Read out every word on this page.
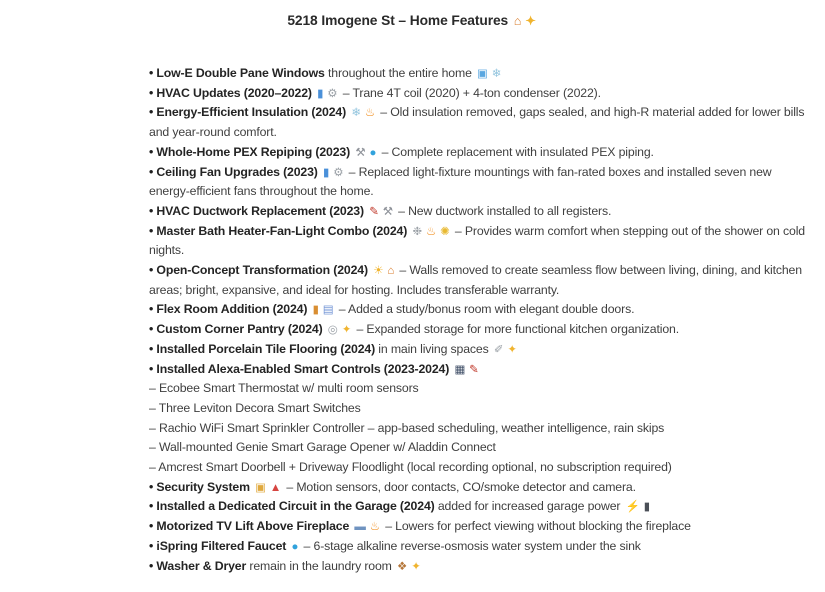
5218 Imogene St – Home Features ⌂ ✦

• Low-E Double Pane Windows throughout the entire home ▣ ❄

• HVAC Updates (2020–2022) ▮ ⚙ – Trane 4T coil (2020) + 4-ton condenser (2022).

• Energy-Efficient Insulation (2024) ❄ ♨ – Old insulation removed, gaps sealed, and high-R material added for lower bills and year-round comfort.

• Whole-Home PEX Repiping (2023) ⚒ ● – Complete replacement with insulated PEX piping.

• Ceiling Fan Upgrades (2023) ▮ ⚙ – Replaced light-fixture mountings with fan-rated boxes and installed seven new energy-efficient fans throughout the home.

• HVAC Ductwork Replacement (2023) ✎ ⚒ – New ductwork installed to all registers.

• Master Bath Heater-Fan-Light Combo (2024) ❉ ♨ ✺ – Provides warm comfort when stepping out of the shower on cold nights.

• Open-Concept Transformation (2024) ☀ ⌂ – Walls removed to create seamless flow between living, dining, and kitchen areas; bright, expansive, and ideal for hosting. Includes transferable warranty.

• Flex Room Addition (2024) ▮ ▤ – Added a study/bonus room with elegant double doors.

• Custom Corner Pantry (2024) ◎ ✦ – Expanded storage for more functional kitchen organization.

• Installed Porcelain Tile Flooring (2024) in main living spaces ✐ ✦

• Installed Alexa-Enabled Smart Controls (2023-2024) ▦ ✎

– Ecobee Smart Thermostat w/ multi room sensors

– Three Leviton Decora Smart Switches

– Rachio WiFi Smart Sprinkler Controller – app-based scheduling, weather intelligence, rain skips

– Wall-mounted Genie Smart Garage Opener w/ Aladdin Connect

– Amcrest Smart Doorbell + Driveway Floodlight (local recording optional, no subscription required)

• Security System ▣ ▲ – Motion sensors, door contacts, CO/smoke detector and camera.

• Installed a Dedicated Circuit in the Garage (2024) added for increased garage power ⚡ ▮

• Motorized TV Lift Above Fireplace ▬ ♨ – Lowers for perfect viewing without blocking the fireplace

• iSpring Filtered Faucet ● – 6-stage alkaline reverse-osmosis water system under the sink

• Washer & Dryer remain in the laundry room ❖ ✦
